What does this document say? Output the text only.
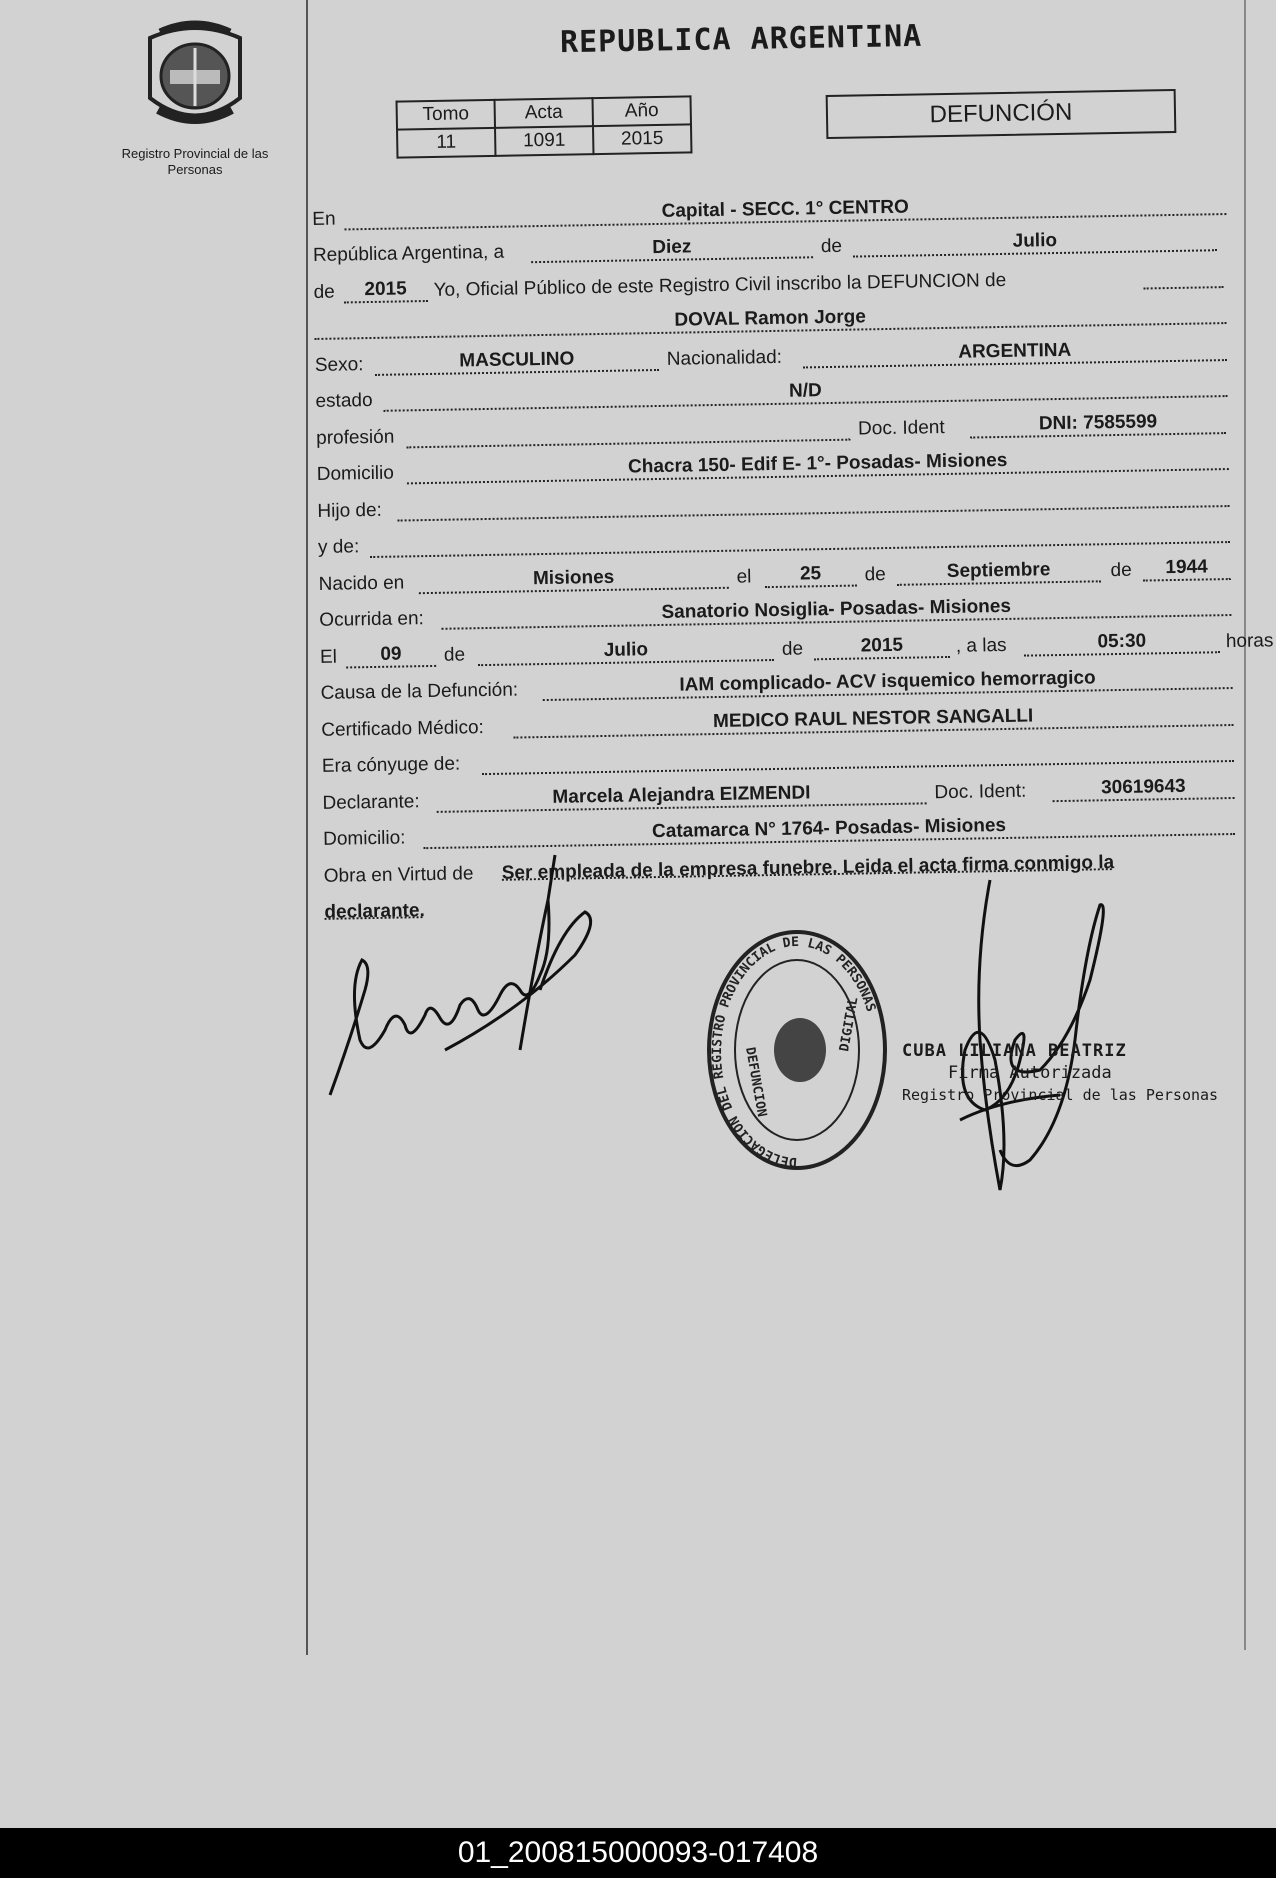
Registro Provincial de las Personas
REPUBLICA ARGENTINA
Tomo	Acta	Año
11	1091	2015
DEFUNCIÓN
En	Capital - SECC. 1° CENTRO
República Argentina, a	Diez	de	Julio
de	2015	Yo, Oficial Público de este Registro Civil inscribo la DEFUNCION de
DOVAL Ramon Jorge
Sexo:	MASCULINO	Nacionalidad:	ARGENTINA
estado	N/D
profesión	Doc. Ident	DNI: 7585599
Domicilio	Chacra 150- Edif E- 1°- Posadas- Misiones
Hijo de:
y de:
Nacido en	Misiones	el	25	de	Septiembre	de	1944
Ocurrida en:	Sanatorio Nosiglia- Posadas- Misiones
El	09	de	Julio	de	2015	, a las	05:30	horas
Causa de la Defunción:	IAM complicado- ACV isquemico hemorragico
Certificado Médico:	MEDICO RAUL NESTOR SANGALLI
Era cónyuge de:
Declarante:	Marcela Alejandra EIZMENDI	Doc. Ident:	30619643
Domicilio:	Catamarca N° 1764- Posadas- Misiones
Obra en Virtud de Ser empleada de la empresa funebre. Leida el acta firma conmigo la
declarante.
DELEGACION DEL REGISTRO PROVINCIAL DE LAS PERSONAS
DEFUNCION
DIGITAL CUBA LILIANA BEATRIZ
Firma Autorizada
Registro Provincial de las Personas
01_200815000093-017408
